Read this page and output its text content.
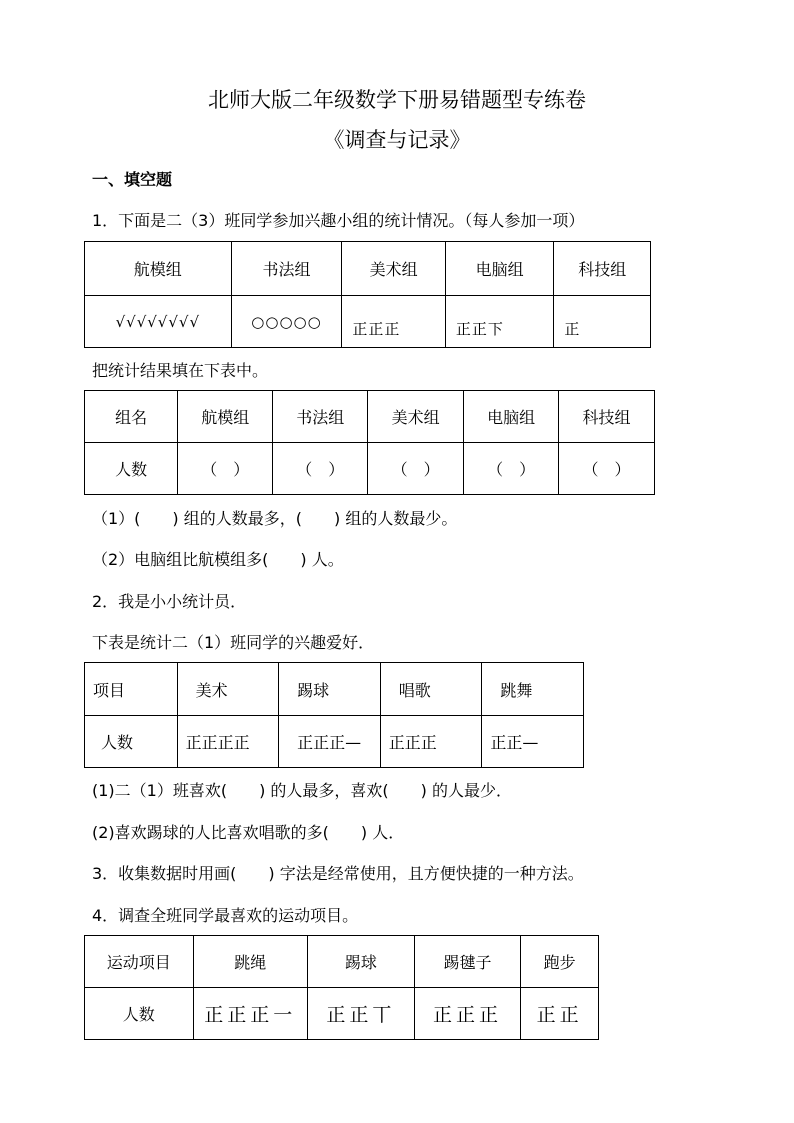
北师大版二年级数学下册易错题型专练卷
《调查与记录》
一、填空题
1．下面是二（3）班同学参加兴趣小组的统计情况。（每人参加一项）
航模组	书法组	美术组	电脑组	科技组
√√√√√√√√	○○○○○	正正正	正正下	正
把统计结果填在下表中。
组名	航模组	书法组	美术组	电脑组	科技组
人数	（　）	（　）	（　）	（　）	（　）
（1）(　　) 组的人数最多，(　　) 组的人数最少。
（2）电脑组比航模组多(　　) 人。
2．我是小小统计员．
下表是统计二（1）班同学的兴趣爱好．
项目	美术	踢球	唱歌	跳舞
人数	正正正正	正正正—	正正正	正正—
(1)二（1）班喜欢(　　) 的人最多，喜欢(　　) 的人最少．
(2)喜欢踢球的人比喜欢唱歌的多(　　) 人．
3．收集数据时用画(　　) 字法是经常使用，且方便快捷的一种方法。
4．调查全班同学最喜欢的运动项目。
运动项目	跳绳	踢球	踢毽子	跑步
人数	正正正一	正正丅	正正正	正正
